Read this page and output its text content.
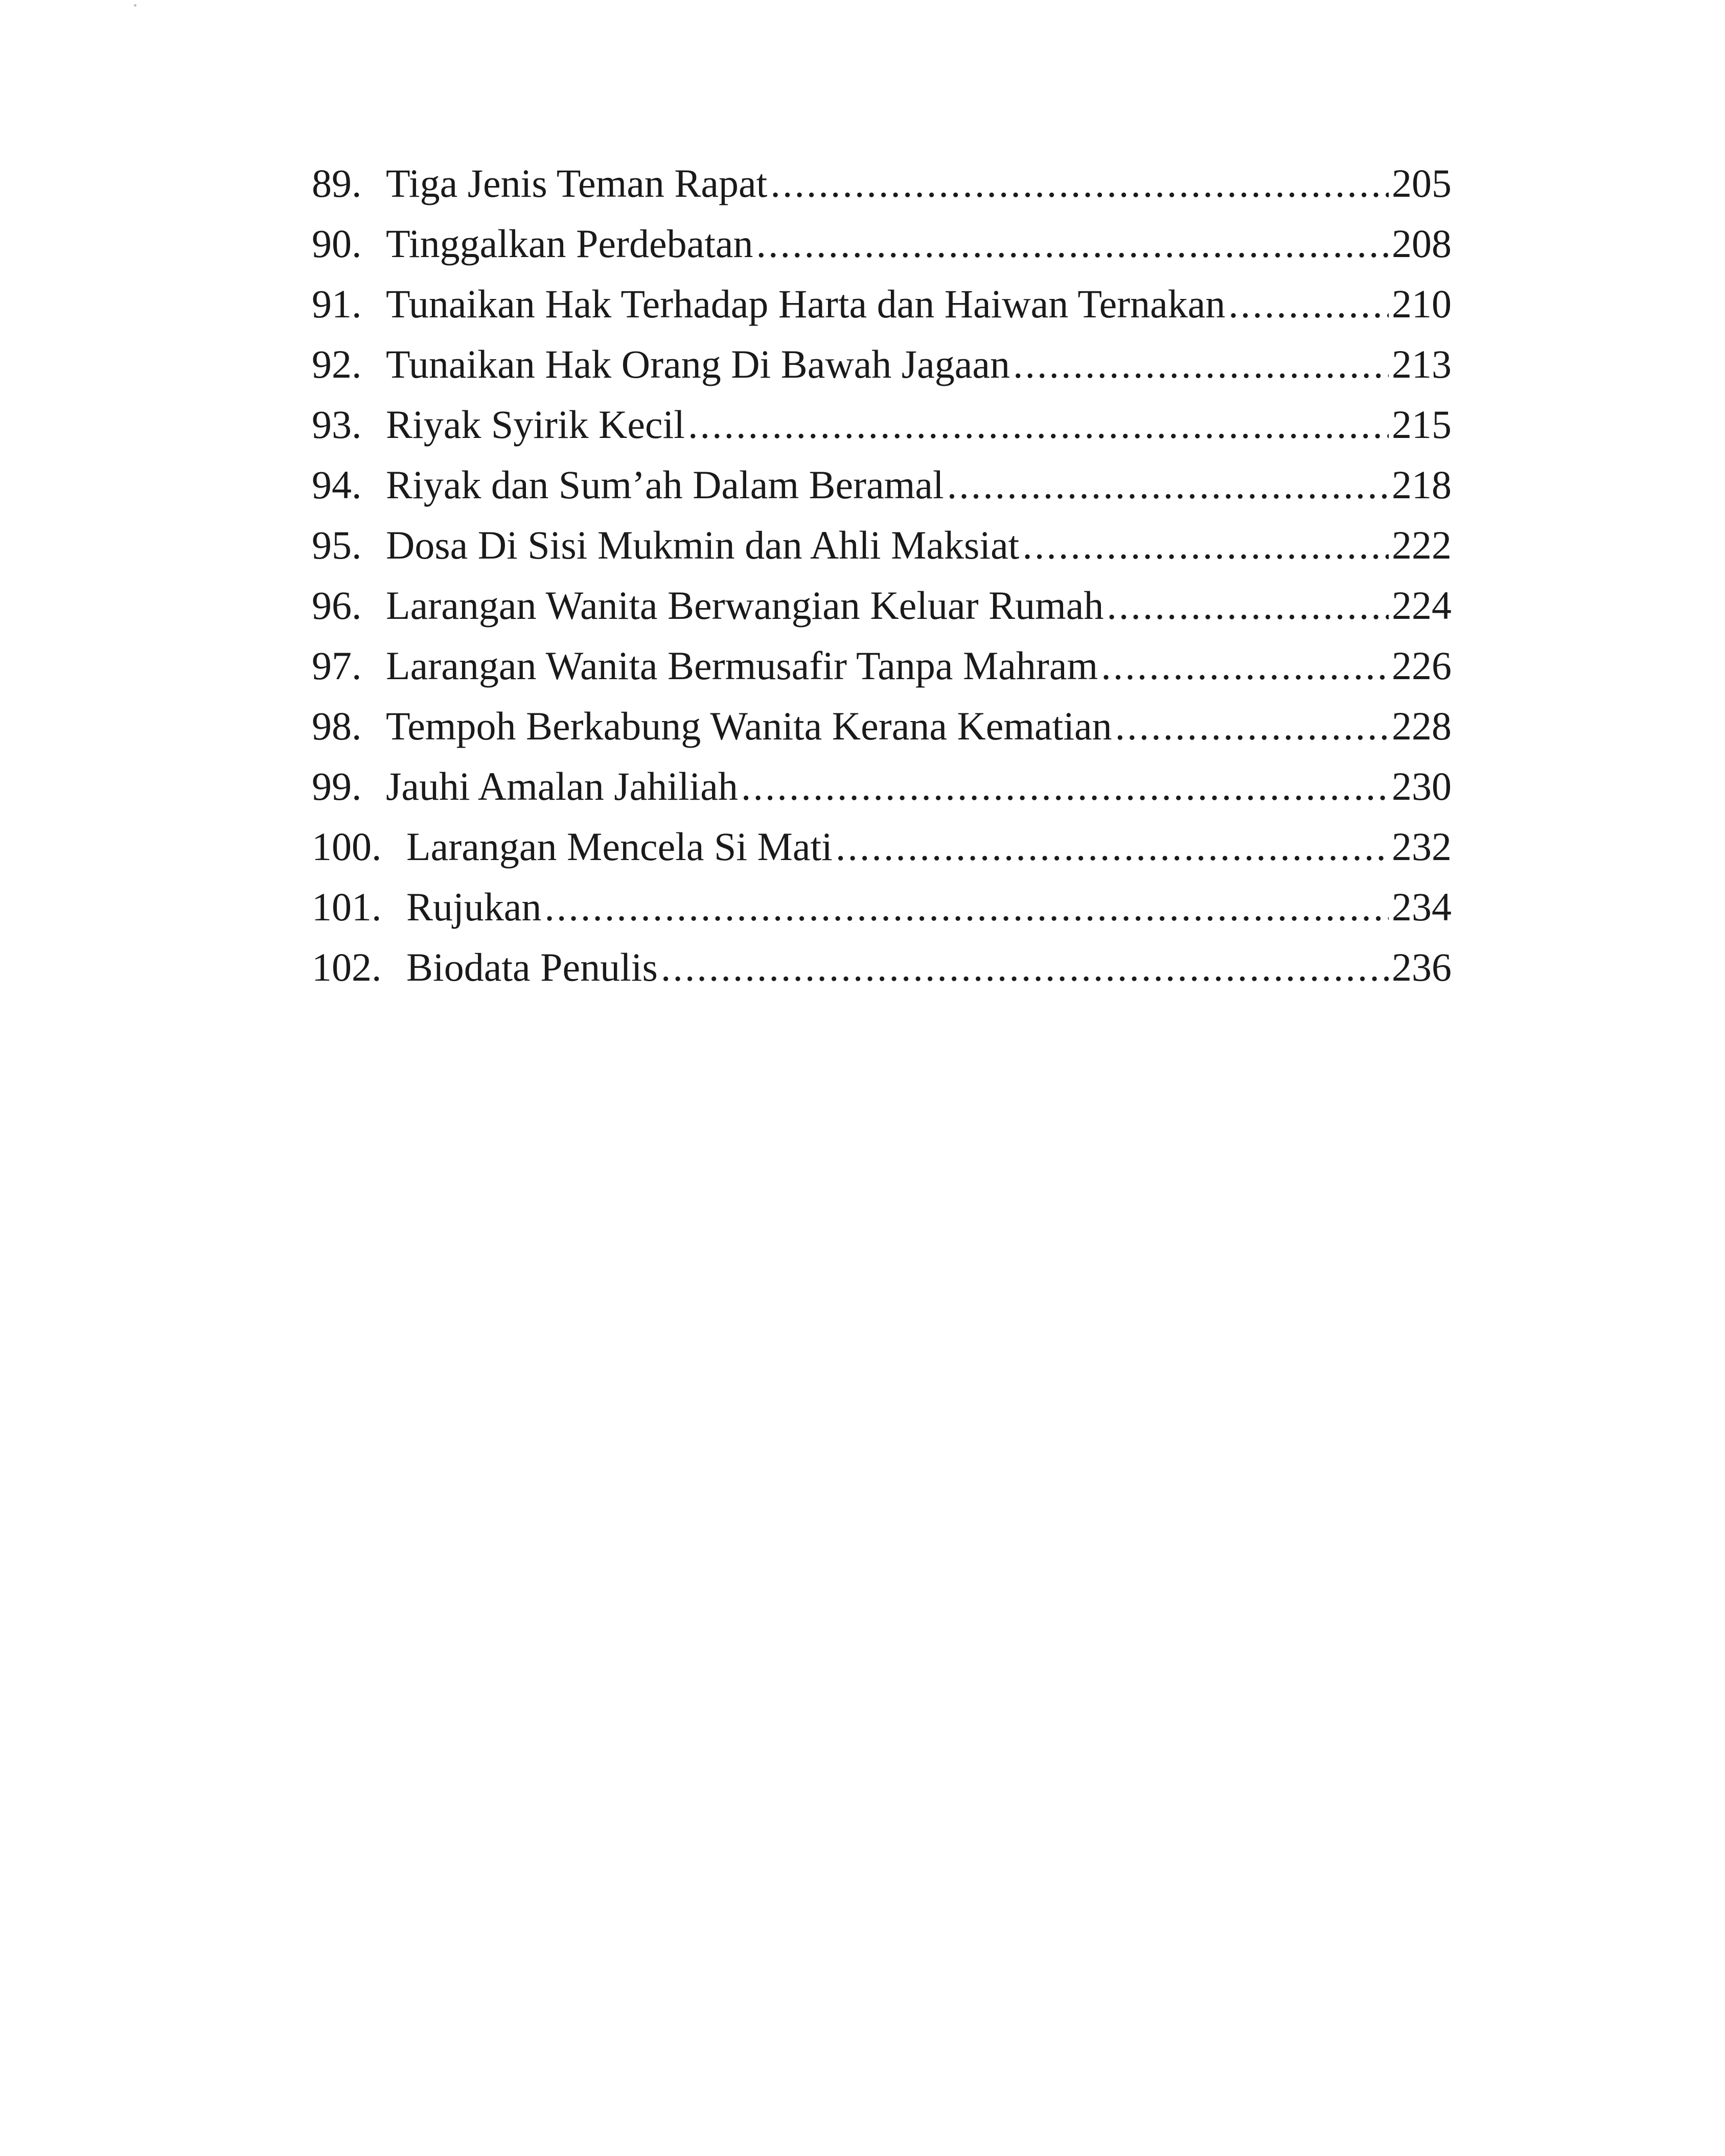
89. Tiga Jenis Teman Rapat .....	205
90. Tinggalkan Perdebatan .....	208
91. Tunaikan Hak Terhadap Harta dan Haiwan Ternakan .....	210
92. Tunaikan Hak Orang Di Bawah Jagaan .....	213
93. Riyak Syirik Kecil .....	215
94. Riyak dan Sum’ah Dalam Beramal .....	218
95. Dosa Di Sisi Mukmin dan Ahli Maksiat .....	222
96. Larangan Wanita Berwangian Keluar Rumah .....	224
97. Larangan Wanita Bermusafir Tanpa Mahram .....	226
98. Tempoh Berkabung Wanita Kerana Kematian .....	228
99. Jauhi Amalan Jahiliah .....	230
100. Larangan Mencela Si Mati .....	232
101. Rujukan .....	234
102. Biodata Penulis .....	236
